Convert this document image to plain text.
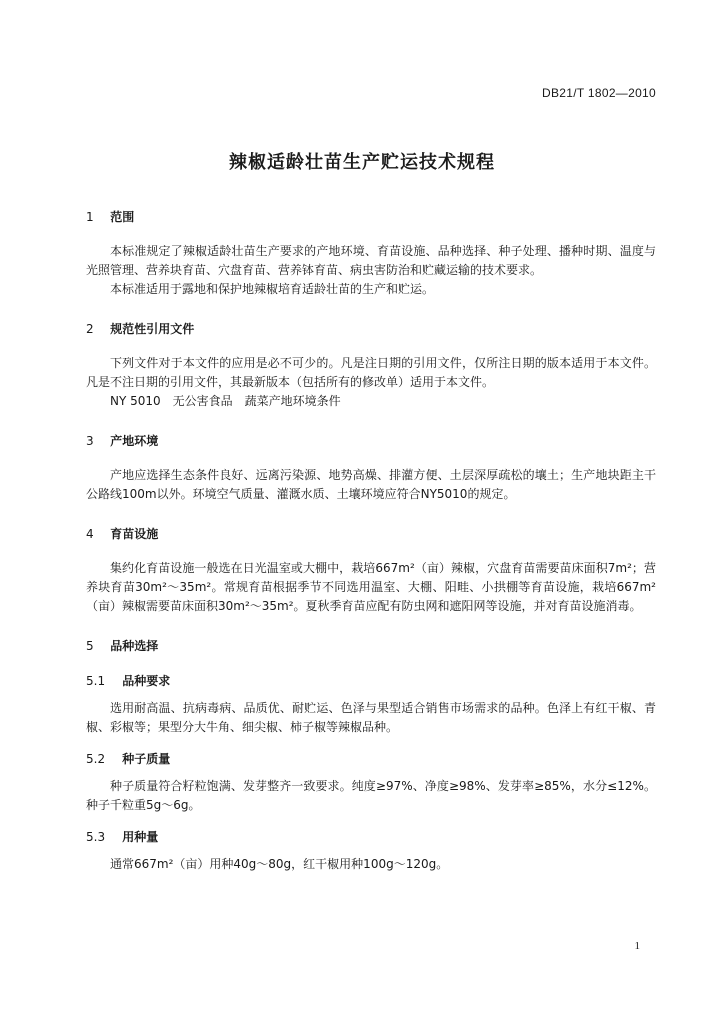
DB21/T 1802—2010
辣椒适龄壮苗生产贮运技术规程
1 范围

本标准规定了辣椒适龄壮苗生产要求的产地环境、育苗设施、品种选择、种子处理、播种时期、温度与光照管理、营养块育苗、穴盘育苗、营养钵育苗、病虫害防治和贮藏运输的技术要求。

本标准适用于露地和保护地辣椒培育适龄壮苗的生产和贮运。

2 规范性引用文件

下列文件对于本文件的应用是必不可少的。凡是注日期的引用文件，仅所注日期的版本适用于本文件。凡是不注日期的引用文件，其最新版本（包括所有的修改单）适用于本文件。

NY 5010　无公害食品　蔬菜产地环境条件

3 产地环境

产地应选择生态条件良好、远离污染源、地势高燥、排灌方便、土层深厚疏松的壤土；生产地块距主干公路线100m以外。环境空气质量、灌溉水质、土壤环境应符合NY5010的规定。

4 育苗设施

集约化育苗设施一般选在日光温室或大棚中，栽培667m²（亩）辣椒，穴盘育苗需要苗床面积7m²；营养块育苗30m²～35m²。常规育苗根据季节不同选用温室、大棚、阳畦、小拱棚等育苗设施，栽培667m²（亩）辣椒需要苗床面积30m²～35m²。夏秋季育苗应配有防虫网和遮阳网等设施，并对育苗设施消毒。

5 品种选择
5.1 品种要求

选用耐高温、抗病毒病、品质优、耐贮运、色泽与果型适合销售市场需求的品种。色泽上有红干椒、青椒、彩椒等；果型分大牛角、细尖椒、柿子椒等辣椒品种。

5.2 种子质量

种子质量符合籽粒饱满、发芽整齐一致要求。纯度≥97%、净度≥98%、发芽率≥85%，水分≤12%。种子千粒重5g～6g。

5.3 用种量

通常667m²（亩）用种40g～80g，红干椒用种100g～120g。

1
